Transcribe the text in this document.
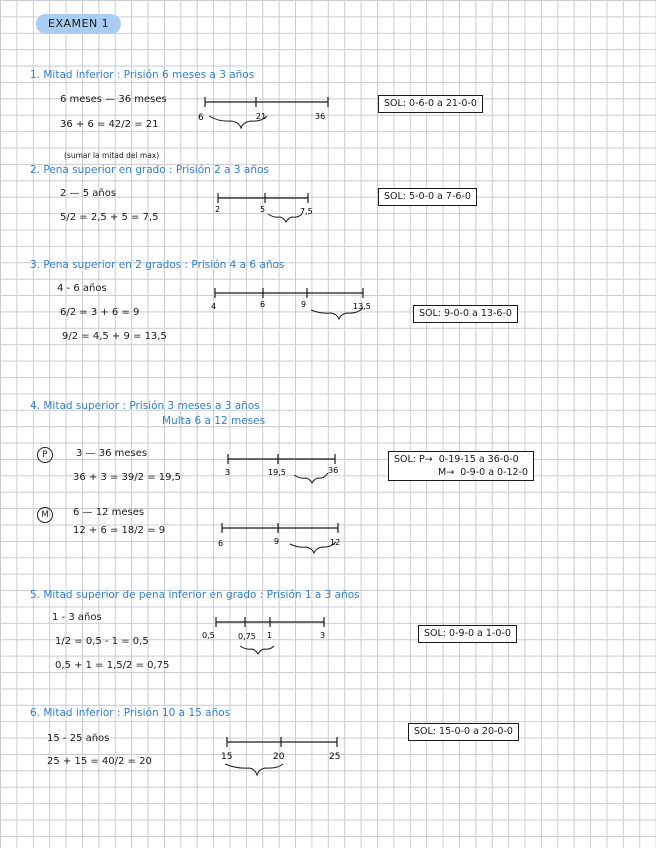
EXAMEN 1
1. Mitad inferior : Prisión 6 meses a 3 años
6 meses — 36 meses
36 + 6 = 42/2 = 21
(sumar la mitad del max)
6	21	36
SOL: 0-6-0 a 21-0-0
2. Pena superior en grado : Prisión 2 a 3 años
2 — 5 años
5/2 = 2,5 + 5 = 7,5
2	5	7,5
SOL: 5-0-0 a 7-6-0
3. Pena superior en 2 grados : Prisión 4 a 6 años
4 - 6 años
6/2 = 3 + 6 = 9
9/2 = 4,5 + 9 = 13,5
4	6	9	13,5
SOL: 9-0-0 a 13-6-0
4. Mitad superior : Prisión 3 meses a 3 años
Multa 6 a 12 meses
P	3 — 36 meses
36 + 3 = 39/2 = 19,5	3	19,5	36
M	6 — 12 meses
12 + 6 = 18/2 = 9
6	9	12
SOL: P→  0-19-15 a 36-0-0
M→  0-9-0 a 0-12-0
5. Mitad superior de pena inferior en grado : Prisión 1 a 3 años
1 - 3 años
1/2 = 0,5 - 1 = 0,5
0,5 + 1 = 1,5/2 = 0,75
0,5	0,75 1	3	SOL: 0-9-0 a 1-0-0
6. Mitad inferior : Prisión 10 a 15 años
15 - 25 años
25 + 15 = 40/2 = 20	15	20	25
SOL: 15-0-0 a 20-0-0
